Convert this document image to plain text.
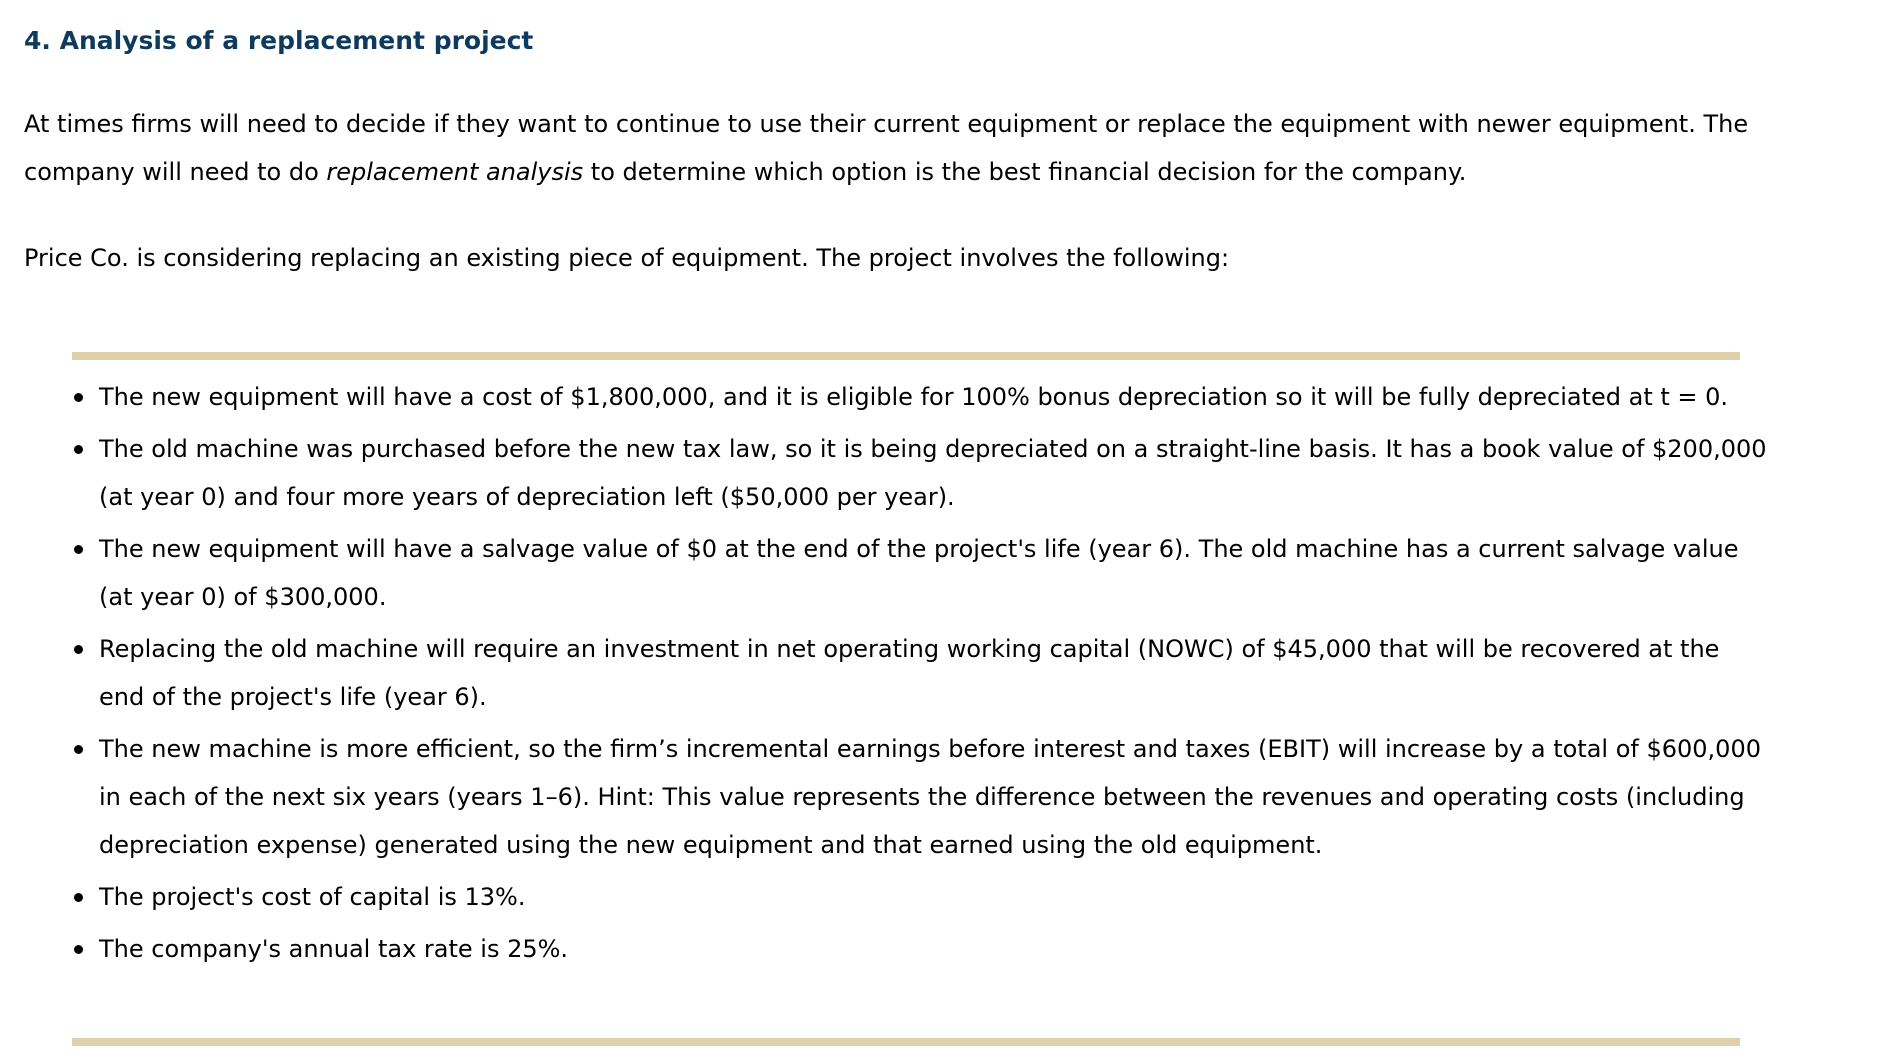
4. Analysis of a replacement project

At times firms will need to decide if they want to continue to use their current equipment or replace the equipment with newer equipment. The company will need to do replacement analysis to determine which option is the best financial decision for the company.

Price Co. is considering replacing an existing piece of equipment. The project involves the following:

The new equipment will have a cost of $1,800,000, and it is eligible for 100% bonus depreciation so it will be fully depreciated at t = 0.
The old machine was purchased before the new tax law, so it is being depreciated on a straight-line basis. It has a book value of $200,000 (at year 0) and four more years of depreciation left ($50,000 per year).
The new equipment will have a salvage value of $0 at the end of the project's life (year 6). The old machine has a current salvage value (at year 0) of $300,000.
Replacing the old machine will require an investment in net operating working capital (NOWC) of $45,000 that will be recovered at the end of the project's life (year 6).
The new machine is more efficient, so the firm’s incremental earnings before interest and taxes (EBIT) will increase by a total of $600,000 in each of the next six years (years 1–6). Hint: This value represents the difference between the revenues and operating costs (including depreciation expense) generated using the new equipment and that earned using the old equipment.
The project's cost of capital is 13%.
The company's annual tax rate is 25%.
